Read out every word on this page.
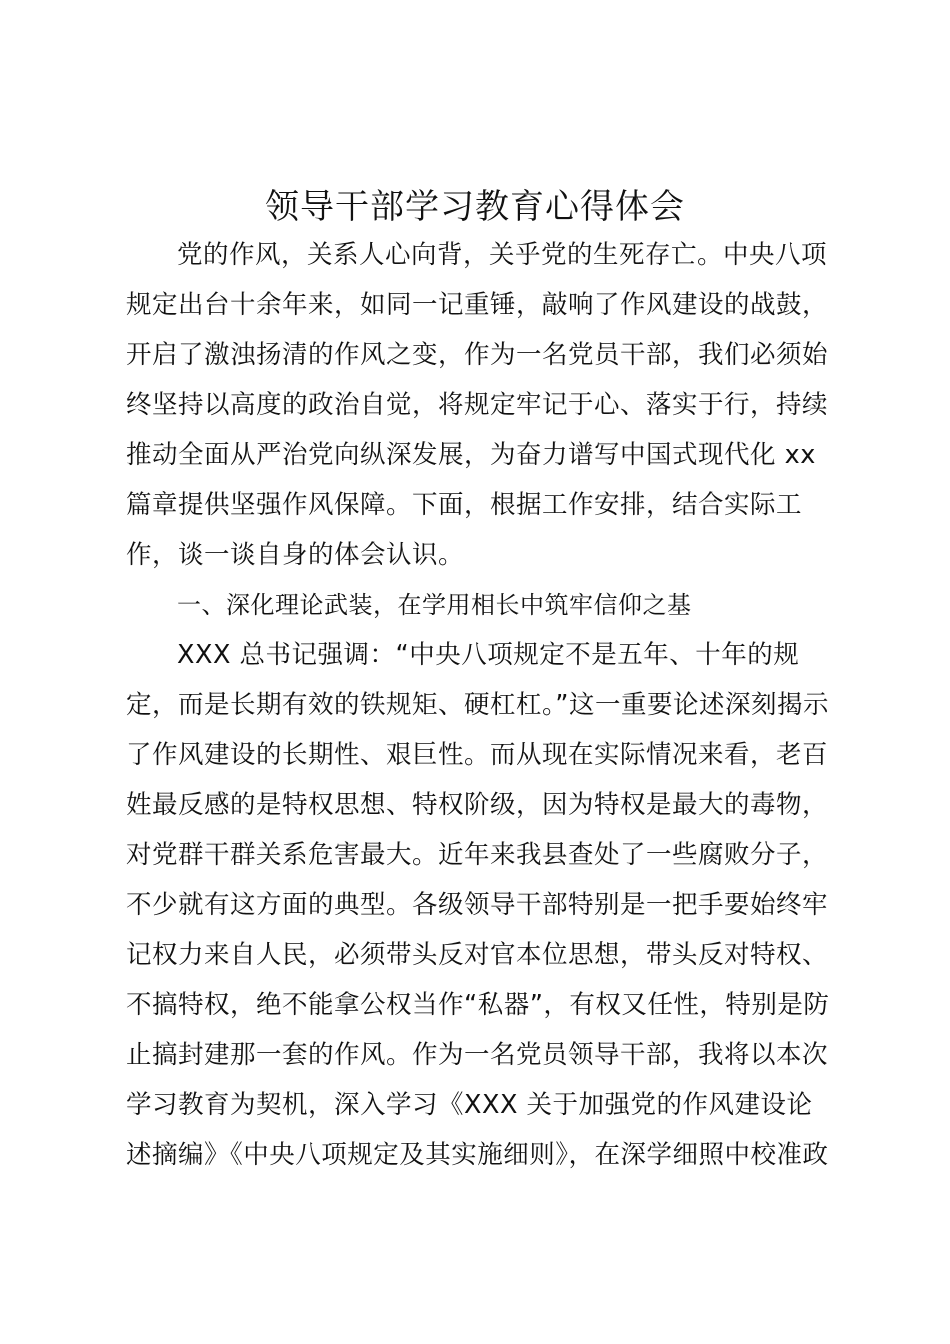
领导干部学习教育心得体会

党的作风，关系人心向背，关乎党的生死存亡。中央八项规定出台十余年来，如同一记重锤，敲响了作风建设的战鼓，开启了激浊扬清的作风之变，作为一名党员干部，我们必须始终坚持以高度的政治自觉，将规定牢记于心、落实于行，持续推动全面从严治党向纵深发展，为奋力谱写中国式现代化 xx 篇章提供坚强作风保障。下面，根据工作安排，结合实际工作，谈一谈自身的体会认识。

一、深化理论武装，在学用相长中筑牢信仰之基

XXX 总书记强调：“中央八项规定不是五年、十年的规定，而是长期有效的铁规矩、硬杠杠。”这一重要论述深刻揭示了作风建设的长期性、艰巨性。而从现在实际情况来看，老百姓最反感的是特权思想、特权阶级，因为特权是最大的毒物，对党群干群关系危害最大。近年来我县查处了一些腐败分子，不少就有这方面的典型。各级领导干部特别是一把手要始终牢记权力来自人民，必须带头反对官本位思想，带头反对特权、不搞特权，绝不能拿公权当作“私器”，有权又任性，特别是防止搞封建那一套的作风。作为一名党员领导干部，我将以本次学习教育为契机，深入学习《XXX 关于加强党的作风建设论述摘编》《中央八项规定及其实施细则》，在深学细照中校准政
